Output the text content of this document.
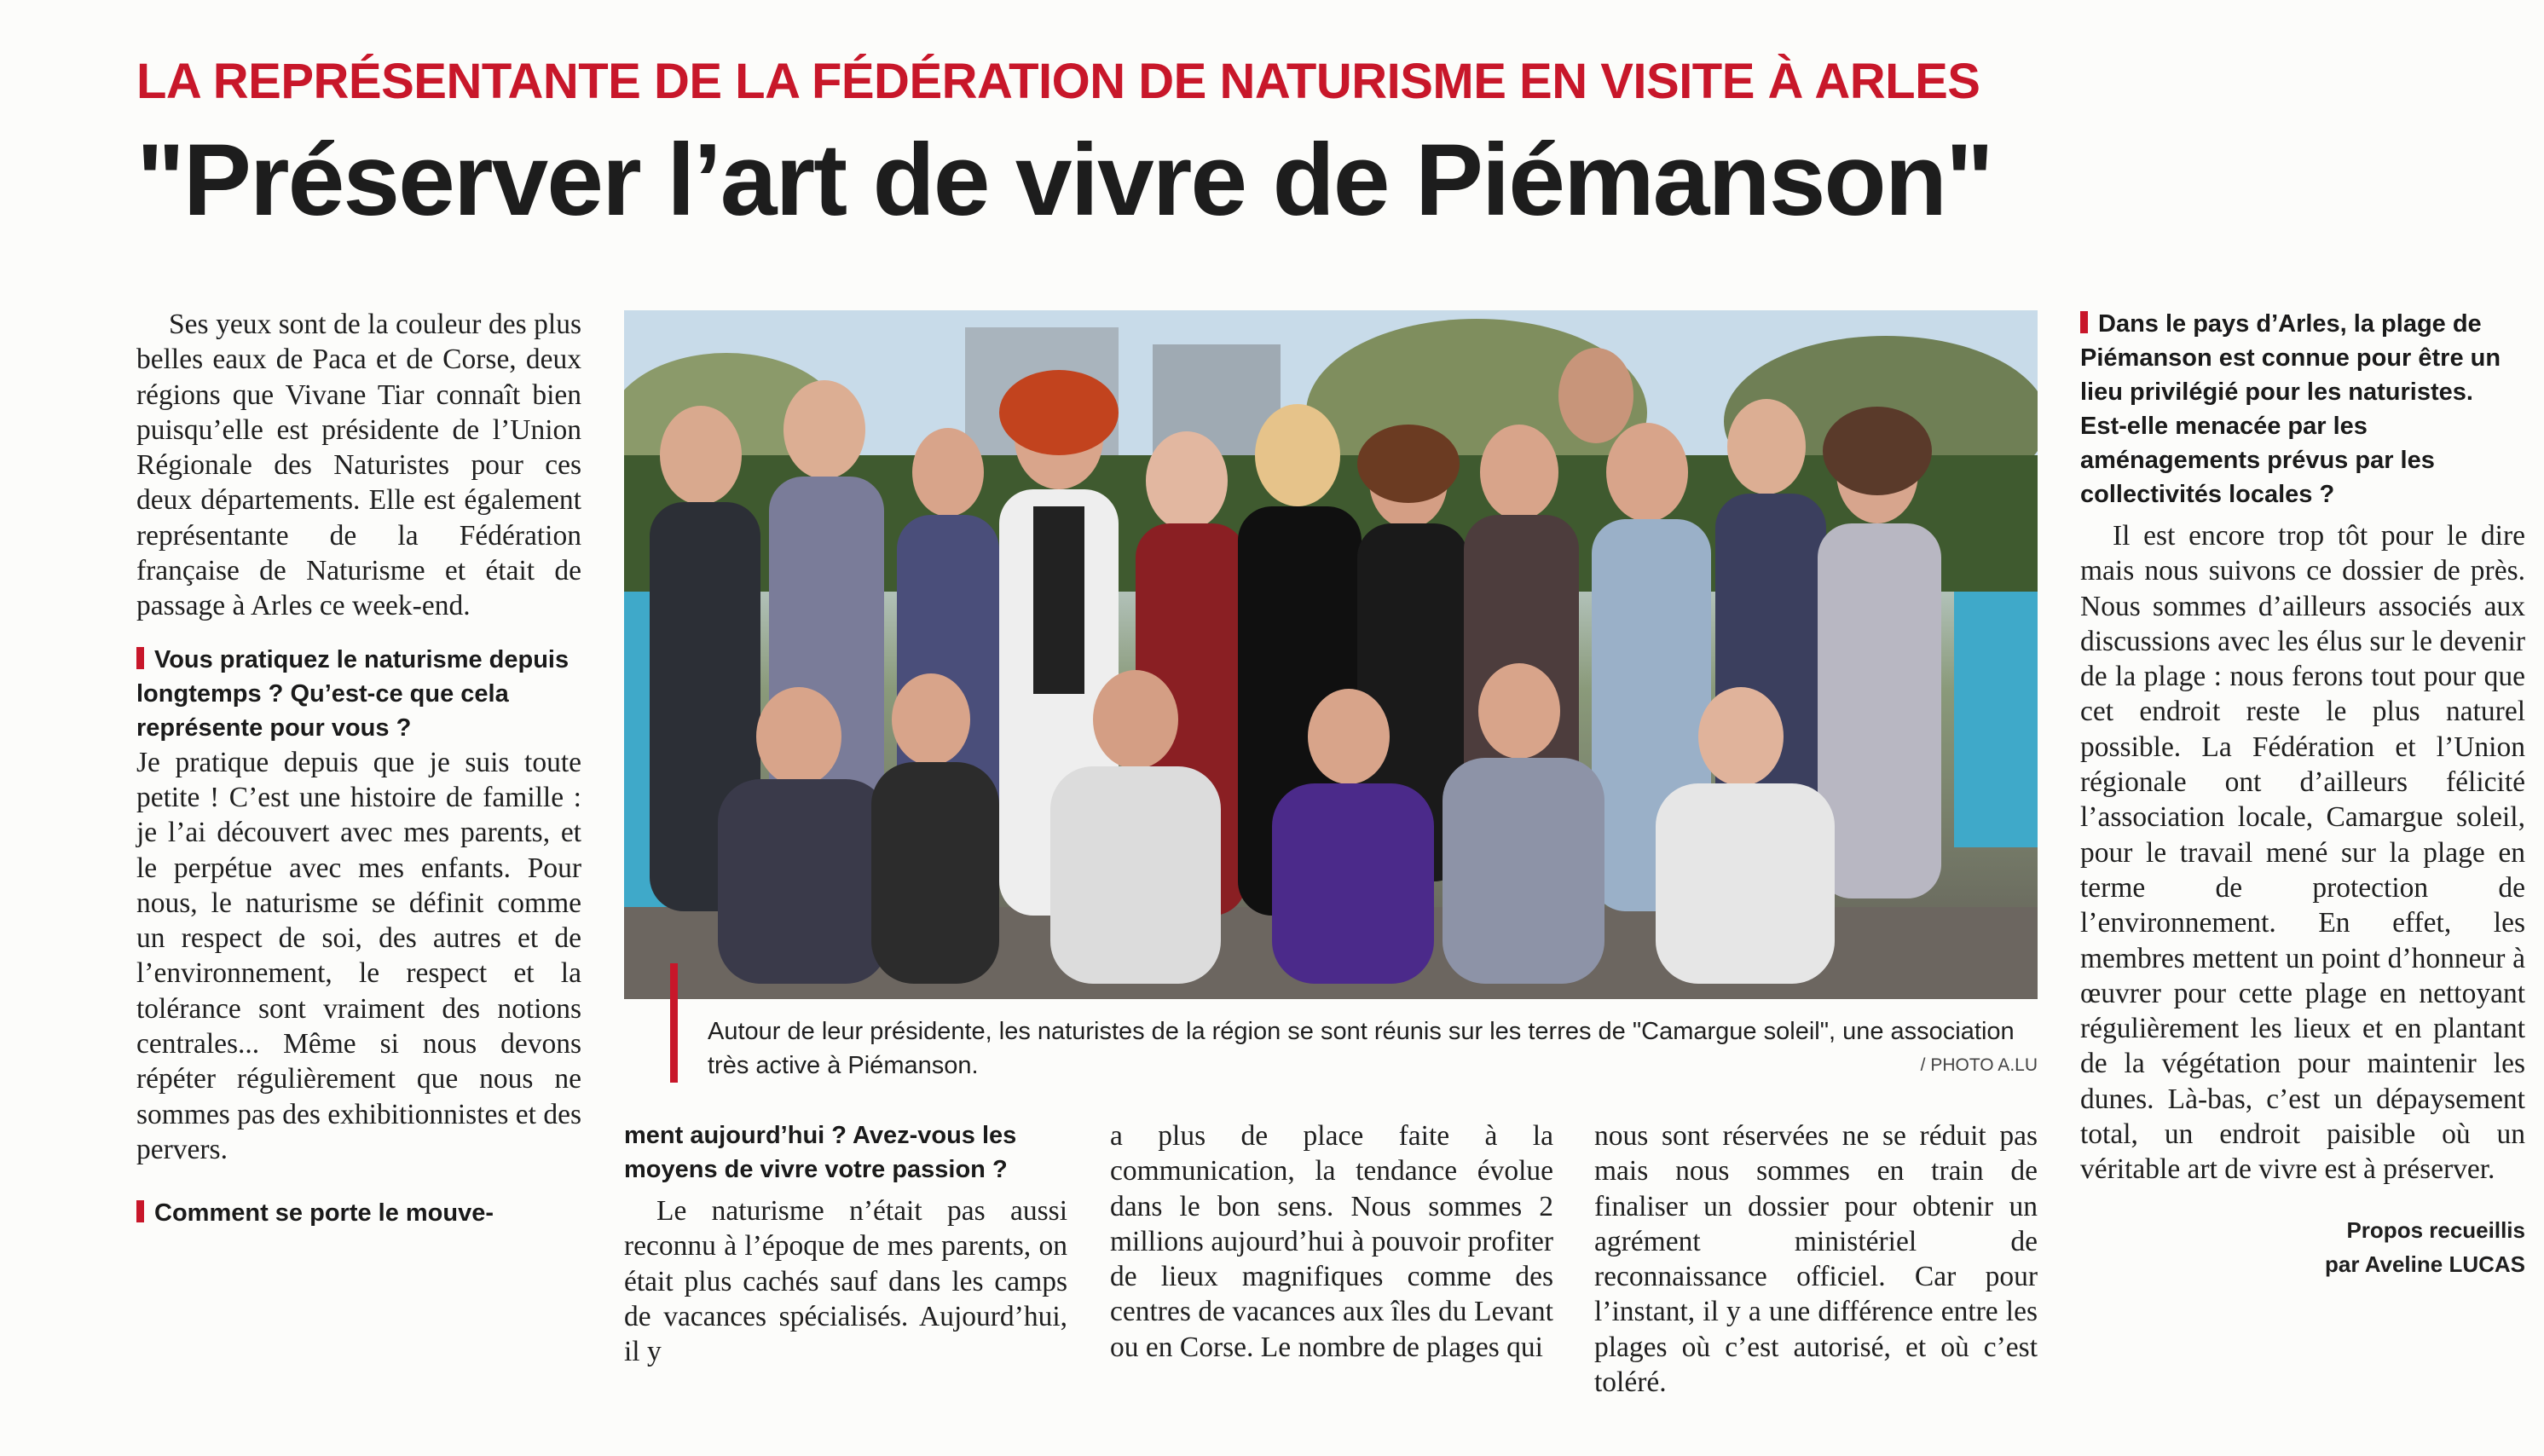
LA REPRÉSENTANTE DE LA FÉDÉRATION DE NATURISME EN VISITE À ARLES
"Préserver l’art de vivre de Piémanson"

Ses yeux sont de la couleur des plus belles eaux de Paca et de Corse, deux régions que Vivane Tiar connaît bien puisqu’elle est présidente de l’Union Régionale des Naturistes pour ces deux départements. Elle est également représentante de la Fédération française de Naturisme et était de passage à Arles ce week-end.

Vous pratiquez le naturisme depuis longtemps ? Qu’est-ce que cela représente pour vous ?

Je pratique depuis que je suis toute petite ! C’est une histoire de famille : je l’ai découvert avec mes parents, et le perpétue avec mes enfants. Pour nous, le naturisme se définit comme un respect de soi, des autres et de l’environnement, le respect et la tolérance sont vraiment des notions centrales... Même si nous devons répéter régulièrement que nous ne sommes pas des exhibitionnistes et des pervers.

Comment se porte le mouve-
Autour de leur présidente, les naturistes de la région se sont réunis sur les terres de "Camargue soleil", une association très active à Piémanson.	/ PHOTO A.LU
ment aujourd’hui ? Avez-vous les moyens de vivre votre passion ?

Le naturisme n’était pas aussi reconnu à l’époque de mes parents, on était plus cachés sauf dans les camps de vacances spécialisés. Aujourd’hui, il y

a plus de place faite à la communication, la tendance évolue dans le bon sens. Nous sommes 2 millions aujourd’hui à pouvoir profiter de lieux magnifiques comme des centres de vacances aux îles du Levant ou en Corse. Le nombre de plages qui

nous sont réservées ne se réduit pas mais nous sommes en train de finaliser un dossier pour obtenir un agrément ministériel de reconnaissance officiel. Car pour l’instant, il y a une différence entre les plages où c’est autorisé, et où c’est toléré.

Dans le pays d’Arles, la plage de Piémanson est connue pour être un lieu privilégié pour les naturistes. Est-elle menacée par les aménagements prévus par les collectivités locales ?

Il est encore trop tôt pour le dire mais nous suivons ce dossier de près. Nous sommes d’ailleurs associés aux discussions avec les élus sur le devenir de la plage : nous ferons tout pour que cet endroit reste le plus naturel possible. La Fédération et l’Union régionale ont d’ailleurs félicité l’association locale, Camargue soleil, pour le travail mené sur la plage en terme de protection de l’environnement. En effet, les membres mettent un point d’honneur à œuvrer pour cette plage en nettoyant régulièrement les lieux et en plantant de la végétation pour maintenir les dunes. Là-bas, c’est un dépaysement total, un endroit paisible où un véritable art de vivre est à préserver.

Propos recueillis
par Aveline LUCAS
